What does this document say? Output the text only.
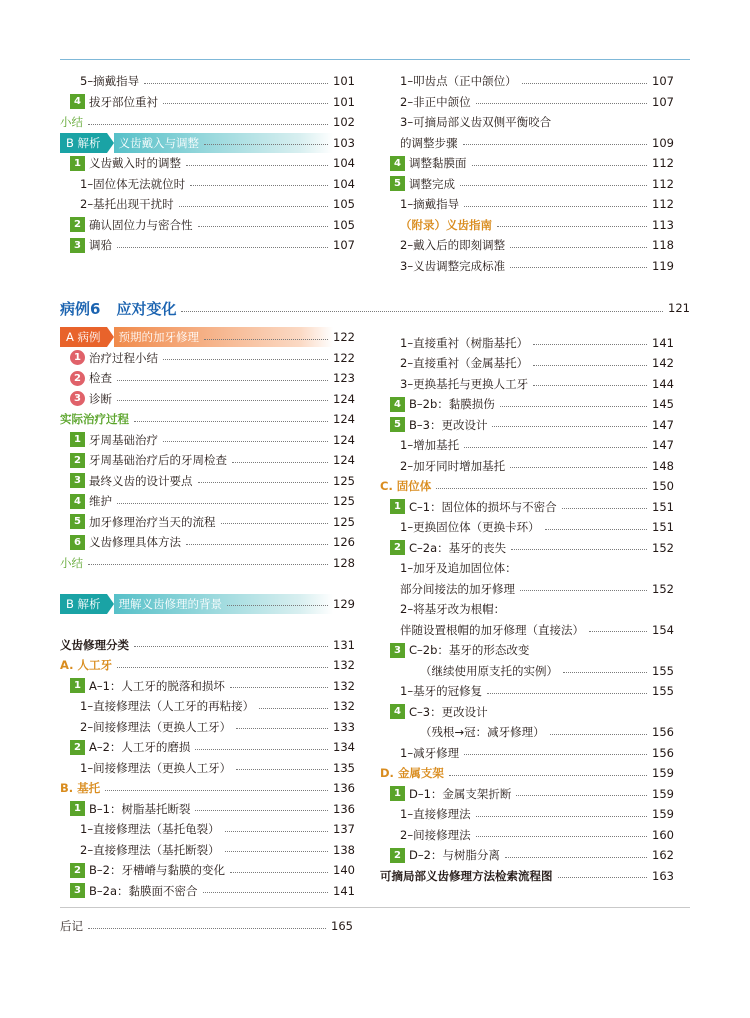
5–摘戴指导	101
4 拔牙部位重衬	101
小结	102
B 解析	义齿戴入与调整	103
1 义齿戴入时的调整	104
1–固位体无法就位时	104
2–基托出现干扰时	105
2 确认固位力与密合性	105
3 调𬌗	107
1–叩齿点（正中颌位）	107
2–非正中颌位	107
3–可摘局部义齿双侧平衡咬合
的调整步骤	109
4 调整黏膜面	112
5 调整完成	112
1–摘戴指导	112
（附录）义齿指南	113
2–戴入后的即刻调整	118
3–义齿调整完成标准	119
病例6 应对变化	121
A 病例	预期的加牙修理	122
1 治疗过程小结	122
2 检查	123
3 诊断	124
实际治疗过程	124
1 牙周基础治疗	124
2 牙周基础治疗后的牙周检查	124
3 最终义齿的设计要点	125
4 维护	125
5 加牙修理治疗当天的流程	125
6 义齿修理具体方法	126
小结	128
B 解析	理解义齿修理的背景	129
义齿修理分类	131
A. 人工牙	132
1 A–1：人工牙的脱落和损坏	132
1–直接修理法（人工牙的再粘接）	132
2–间接修理法（更换人工牙）	133
2 A–2：人工牙的磨损	134
1–间接修理法（更换人工牙）	135
B. 基托	136
1 B–1：树脂基托断裂	136
1–直接修理法（基托龟裂）	137
2–直接修理法（基托断裂）	138
2 B–2：牙槽嵴与黏膜的变化	140
3 B–2a：黏膜面不密合	141
1–直接重衬（树脂基托）	141
2–直接重衬（金属基托）	142
3–更换基托与更换人工牙	144
4 B–2b：黏膜损伤	145
5 B–3：更改设计	147
1–增加基托	147
2–加牙同时增加基托	148
C. 固位体	150
1 C–1：固位体的损坏与不密合	151
1–更换固位体（更换卡环）	151
2 C–2a：基牙的丧失	152
1–加牙及追加固位体：
部分间接法的加牙修理	152
2–将基牙改为根帽：
伴随设置根帽的加牙修理（直接法）	154
3 C–2b：基牙的形态改变
（继续使用原支托的实例）	155
1–基牙的冠修复	155
4 C–3：更改设计
（残根→冠：减牙修理）	156
1–减牙修理	156
D. 金属支架	159
1 D–1：金属支架折断	159
1–直接修理法	159
2–间接修理法	160
2 D–2：与树脂分离	162
可摘局部义齿修理方法检索流程图	163
后记	165
